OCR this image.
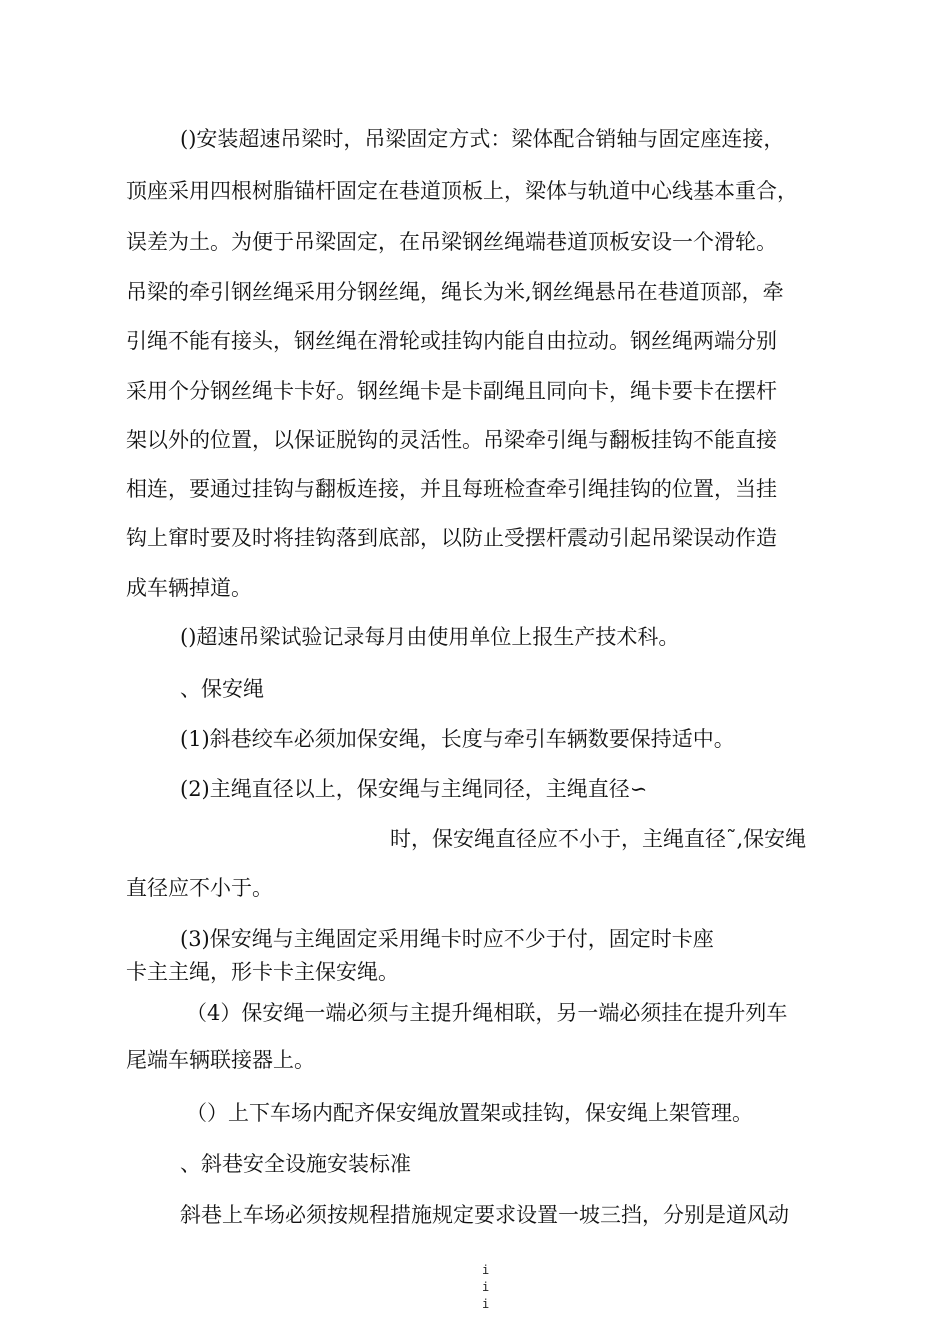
()安装超速吊梁时，吊梁固定方式：梁体配合销轴与固定座连接，
顶座采用四根树脂锚杆固定在巷道顶板上，梁体与轨道中心线基本重合，
误差为土。为便于吊梁固定，在吊梁钢丝绳端巷道顶板安设一个滑轮。
吊梁的牵引钢丝绳采用分钢丝绳，绳长为米,钢丝绳悬吊在巷道顶部，牵
引绳不能有接头，钢丝绳在滑轮或挂钩内能自由拉动。钢丝绳两端分别
采用个分钢丝绳卡卡好。钢丝绳卡是卡副绳且同向卡，绳卡要卡在摆杆
架以外的位置，以保证脱钩的灵活性。吊梁牵引绳与翻板挂钩不能直接
相连，要通过挂钩与翻板连接，并且每班检查牵引绳挂钩的位置，当挂
钩上窜时要及时将挂钩落到底部，以防止受摆杆震动引起吊梁误动作造
成车辆掉道。
()超速吊梁试验记录每月由使用单位上报生产技术科。
、保安绳
(1)斜巷绞车必须加保安绳，长度与牵引车辆数要保持适中。
(2)主绳直径以上，保安绳与主绳同径，主绳直径∽
时，保安绳直径应不小于，主绳直径˜,保安绳
直径应不小于。
(3)保安绳与主绳固定采用绳卡时应不少于付，固定时卡座
卡主主绳，形卡卡主保安绳。
（4）保安绳一端必须与主提升绳相联，另一端必须挂在提升列车
尾端车辆联接器上。
（）上下车场内配齐保安绳放置架或挂钩，保安绳上架管理。
、斜巷安全设施安装标准
斜巷上车场必须按规程措施规定要求设置一坡三挡，分别是道风动
i
i
i
